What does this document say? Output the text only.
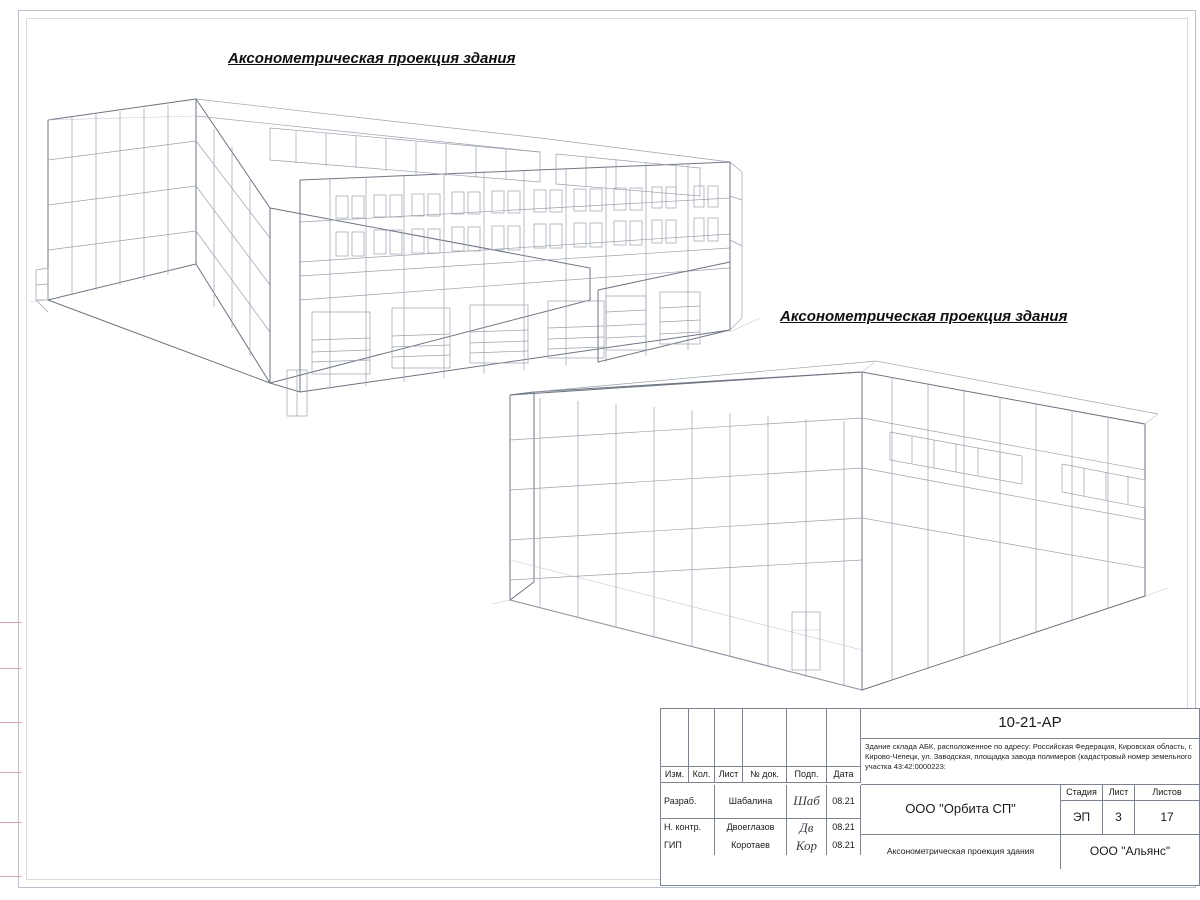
Аксонометрическая проекция здания
Аксонометрическая проекция здания
Изм. Кол. Лист	№ док.	Подп.	Дата
10-21-АР
Здание склада АБК, расположенное по адресу: Российская Федерация, Кировская область, г. Кирово-Чепецк, ул. Заводская, площадка завода полимеров (кадастровый номер земельного участка 43:42:0000223:
Разраб.	Шабалина	Шаб	08.21
Н. контр.	Двоеглазов	Дв	08.21
ГИП	Коротаев	Кор	08.21
ООО "Орбита СП"
Стадия	Лист	Листов
ЭП	3	17
Аксонометрическая проекция здания	ООО "Альянс"
